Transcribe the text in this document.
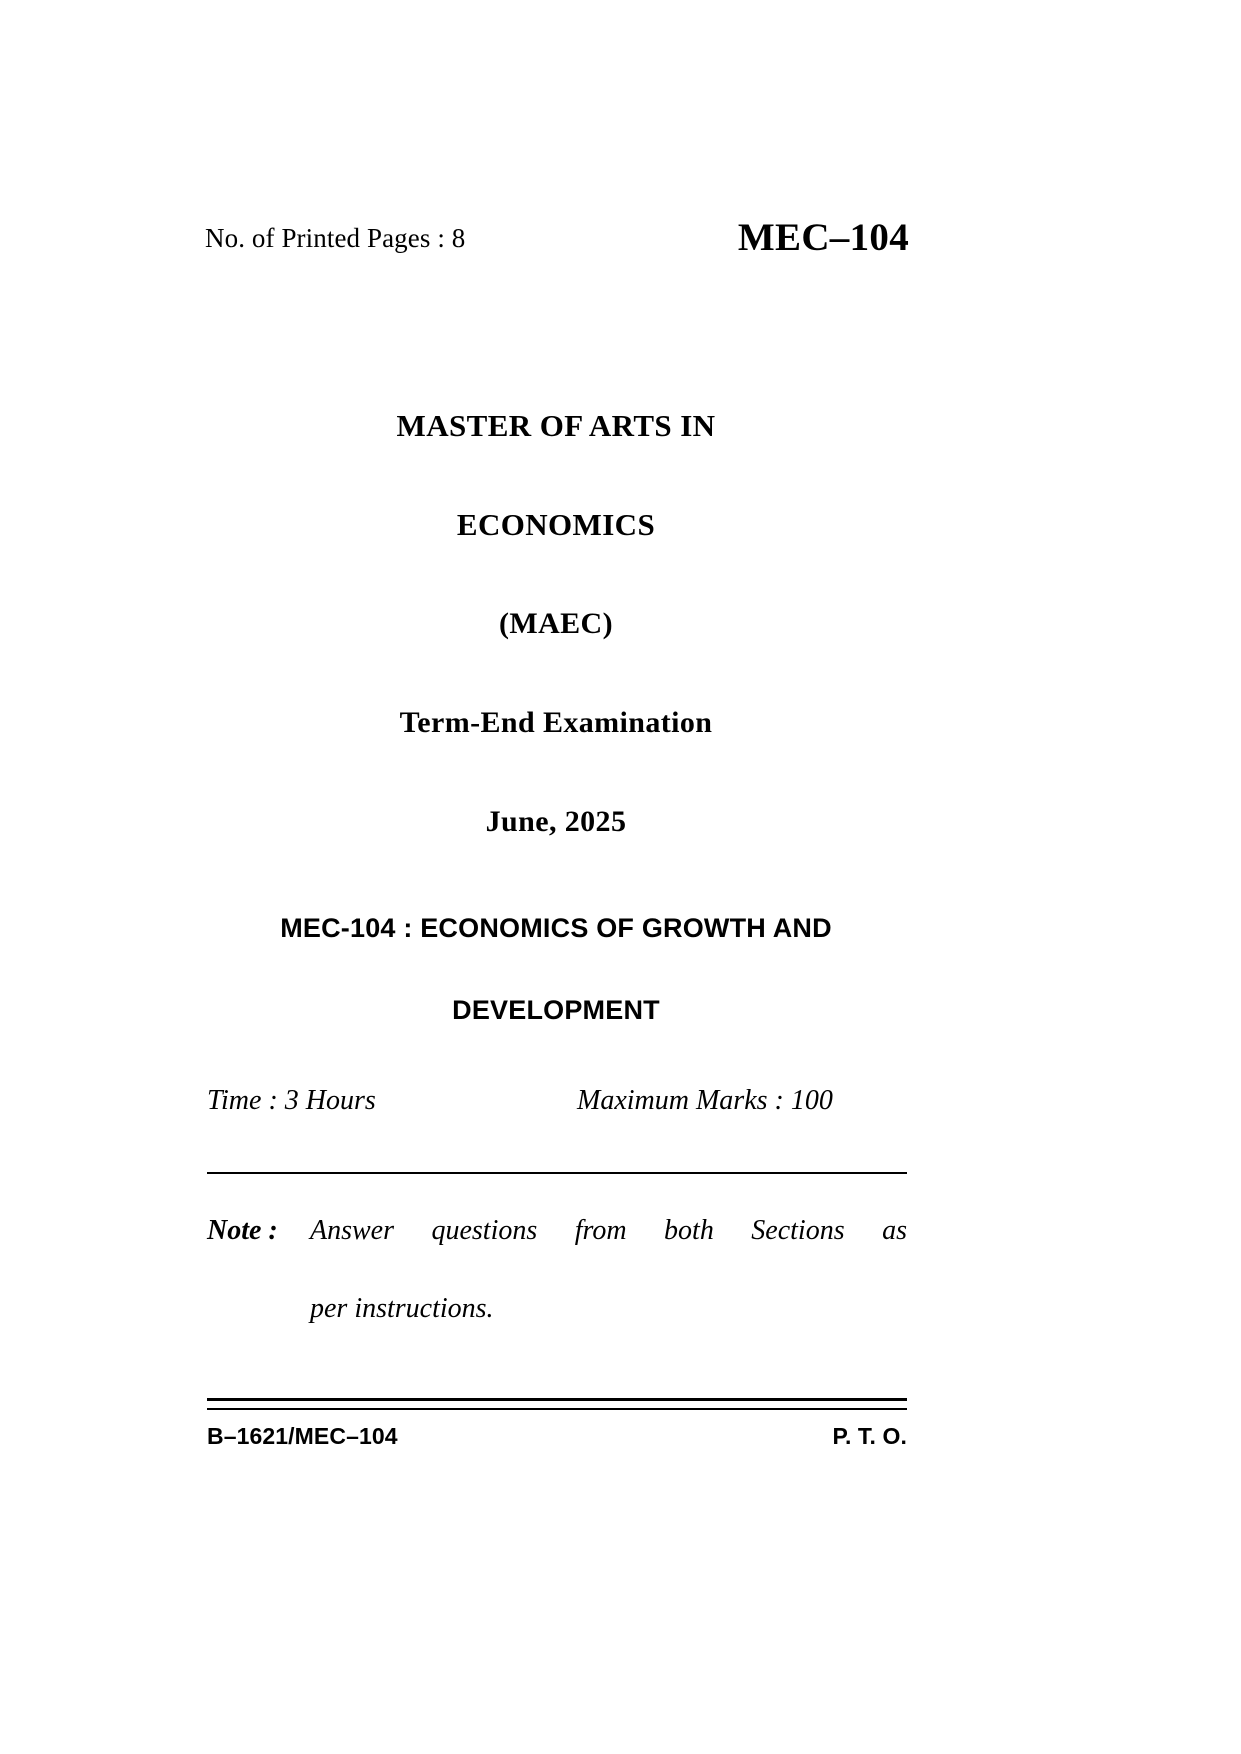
No. of Printed Pages : 8	MEC–104
MASTER OF ARTS IN
ECONOMICS
(MAEC)
Term-End Examination
June, 2025
MEC-104 : ECONOMICS OF GROWTH AND
DEVELOPMENT
Time : 3 Hours	Maximum Marks : 100
Note : Answer questions from both Sections as
per instructions.
B–1621/MEC–104	P. T. O.
